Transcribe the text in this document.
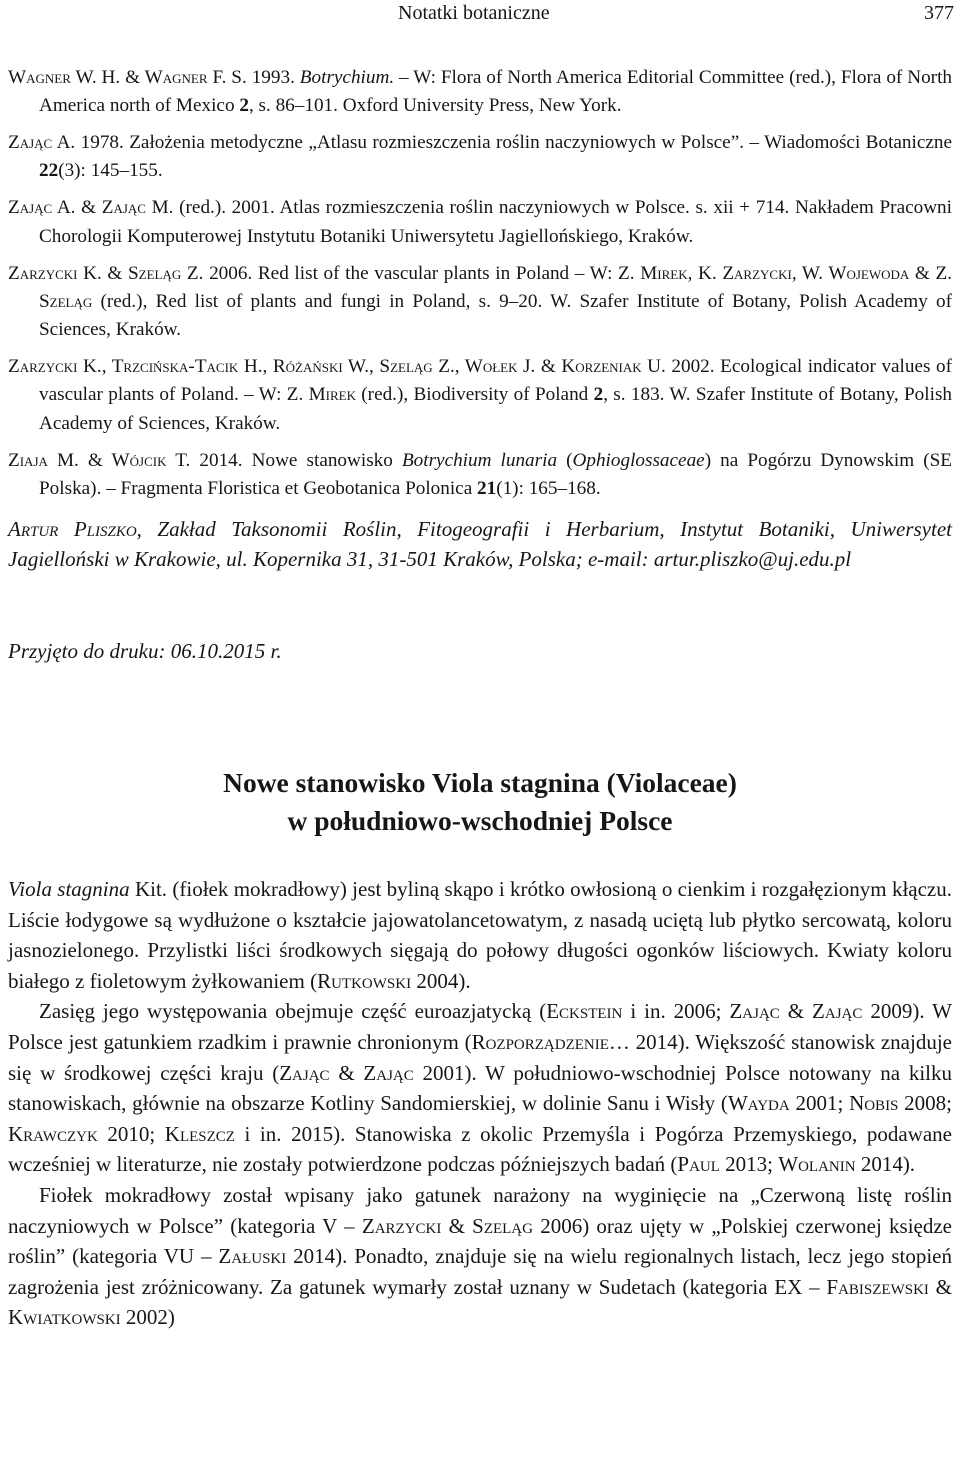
Notatki botaniczne	377
Wagner W. H. & Wagner F. S. 1993. Botrychium. – W: Flora of North America Editorial Committee (red.), Flora of North America north of Mexico 2, s. 86–101. Oxford University Press, New York.
Zając A. 1978. Założenia metodyczne „Atlasu rozmieszczenia roślin naczyniowych w Polsce”. – Wiadomości Botaniczne 22(3): 145–155.
Zając A. & Zając M. (red.). 2001. Atlas rozmieszczenia roślin naczyniowych w Polsce. s. xii + 714. Nakładem Pracowni Chorologii Komputerowej Instytutu Botaniki Uniwersytetu Jagiellońskiego, Kraków.
Zarzycki K. & Szeląg Z. 2006. Red list of the vascular plants in Poland – W: Z. Mirek, K. Zarzycki, W. Wojewoda & Z. Szeląg (red.), Red list of plants and fungi in Poland, s. 9–20. W. Szafer Institute of Botany, Polish Academy of Sciences, Kraków.
Zarzycki K., Trzcińska-Tacik H., Różański W., Szeląg Z., Wołek J. & Korzeniak U. 2002. Ecological indicator values of vascular plants of Poland. – W: Z. Mirek (red.), Biodiversity of Poland 2, s. 183. W. Szafer Institute of Botany, Polish Academy of Sciences, Kraków.
Ziaja M. & Wójcik T. 2014. Nowe stanowisko Botrychium lunaria (Ophioglossaceae) na Pogórzu Dynowskim (SE Polska). – Fragmenta Floristica et Geobotanica Polonica 21(1): 165–168.
Artur Pliszko, Zakład Taksonomii Roślin, Fitogeografii i Herbarium, Instytut Botaniki, Uniwersytet Jagielloński w Krakowie, ul. Kopernika 31, 31-501 Kraków, Polska; e-mail: artur.pliszko@uj.edu.pl
Przyjęto do druku: 06.10.2015 r.
Nowe stanowisko Viola stagnina (Violaceae)
w południowo-wschodniej Polsce

Viola stagnina Kit. (fiołek mokradłowy) jest byliną skąpo i krótko owłosioną o cienkim i rozgałęzionym kłączu. Liście łodygowe są wydłużone o kształcie jajowatolancetowatym, z nasadą uciętą lub płytko sercowatą, koloru jasnozielonego. Przylistki liści środkowych sięgają do połowy długości ogonków liściowych. Kwiaty koloru białego z fioletowym żyłkowaniem (Rutkowski 2004).

Zasięg jego występowania obejmuje część euroazjatycką (Eckstein i in. 2006; Zając & Zając 2009). W Polsce jest gatunkiem rzadkim i prawnie chronionym (Rozporządzenie… 2014). Większość stanowisk znajduje się w środkowej części kraju (Zając & Zając 2001). W południowo-wschodniej Polsce notowany na kilku stanowiskach, głównie na obszarze Kotliny Sandomierskiej, w dolinie Sanu i Wisły (Wayda 2001; Nobis 2008; Krawczyk 2010; Kleszcz i in. 2015). Stanowiska z okolic Przemyśla i Pogórza Przemyskiego, podawane wcześniej w literaturze, nie zostały potwierdzone podczas późniejszych badań (Paul 2013; Wolanin 2014).

Fiołek mokradłowy został wpisany jako gatunek narażony na wyginięcie na „Czerwoną listę roślin naczyniowych w Polsce” (kategoria V – Zarzycki & Szeląg 2006) oraz ujęty w „Polskiej czerwonej księdze roślin” (kategoria VU – Załuski 2014). Ponadto, znajduje się na wielu regionalnych listach, lecz jego stopień zagrożenia jest zróżnicowany. Za gatunek wymarły został uznany w Sudetach (kategoria EX – Fabiszewski & Kwiatkowski 2002)
